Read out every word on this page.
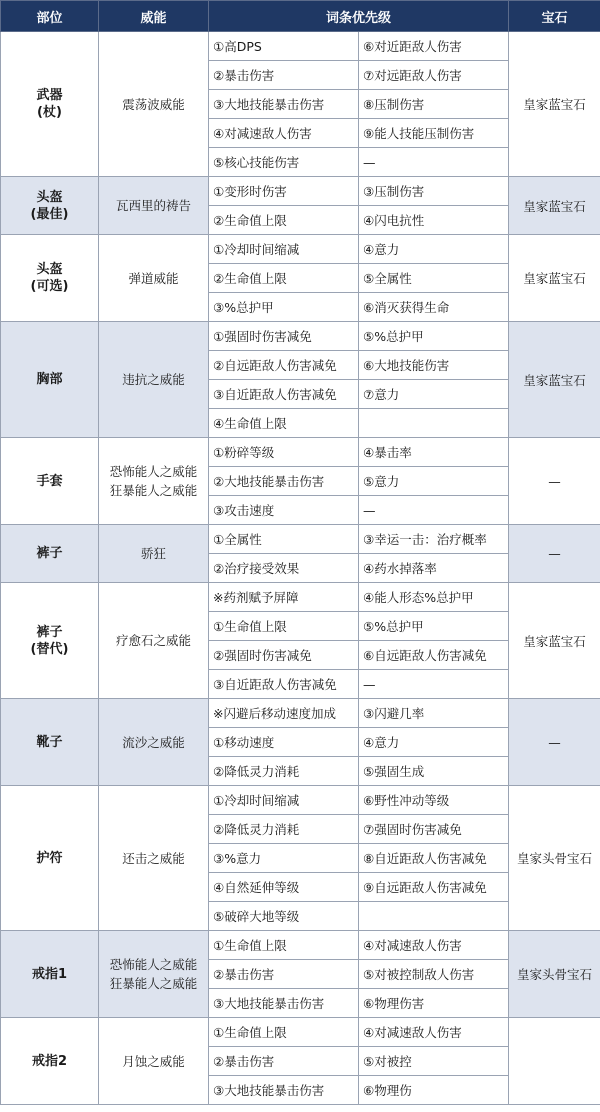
部位	威能	词条优先级		宝石

武器
(杖)	震荡波威能	①高DPS	⑥对近距敌人伤害	皇家蓝宝石
		②暴击伤害	⑦对远距敌人伤害	
		③大地技能暴击伤害	⑧压制伤害	
		④对减速敌人伤害	⑨能人技能压制伤害	
		⑤核心技能伤害	—	

头盔
(最佳)	瓦西里的祷告	①变形时伤害	③压制伤害	皇家蓝宝石
		②生命值上限	④闪电抗性	

头盔
(可选)	弹道威能	①冷却时间缩减	④意力	皇家蓝宝石
		②生命值上限	⑤全属性	
		③%总护甲	⑥消灭获得生命	

胸部	违抗之威能	①强固时伤害减免	⑤%总护甲	皇家蓝宝石
		②自远距敌人伤害减免	⑥大地技能伤害	
		③自近距敌人伤害减免	⑦意力	
		④生命值上限		

手套	恐怖能人之威能
狂暴能人之威能	①粉碎等级	④暴击率	—
		②大地技能暴击伤害	⑤意力	
		③攻击速度	—	

裤子	骄狂	①全属性	③幸运一击：治疗概率	—
		②治疗接受效果	④药水掉落率	

裤子
(替代)	疗愈石之威能	※药剂赋予屏障	④能人形态%总护甲	皇家蓝宝石
		①生命值上限	⑤%总护甲	
		②强固时伤害减免	⑥自远距敌人伤害减免	
		③自近距敌人伤害减免	—	

靴子	流沙之威能	※闪避后移动速度加成	③闪避几率	—
		①移动速度	④意力	
		②降低灵力消耗	⑤强固生成	

护符	还击之威能	①冷却时间缩减	⑥野性冲动等级	皇家头骨宝石
		②降低灵力消耗	⑦强固时伤害减免	
		③%意力	⑧自近距敌人伤害减免	
		④自然延伸等级	⑨自远距敌人伤害减免	
		⑤破碎大地等级		

戒指1	恐怖能人之威能
狂暴能人之威能	①生命值上限	④对减速敌人伤害	皇家头骨宝石
		②暴击伤害	⑤对被控制敌人伤害	
		③大地技能暴击伤害	⑥物理伤害	

戒指2	月蚀之威能	①生命值上限	④对减速敌人伤害	
		②暴击伤害	⑤对被控	
		③大地技能暴击伤害	⑥物理伤	
